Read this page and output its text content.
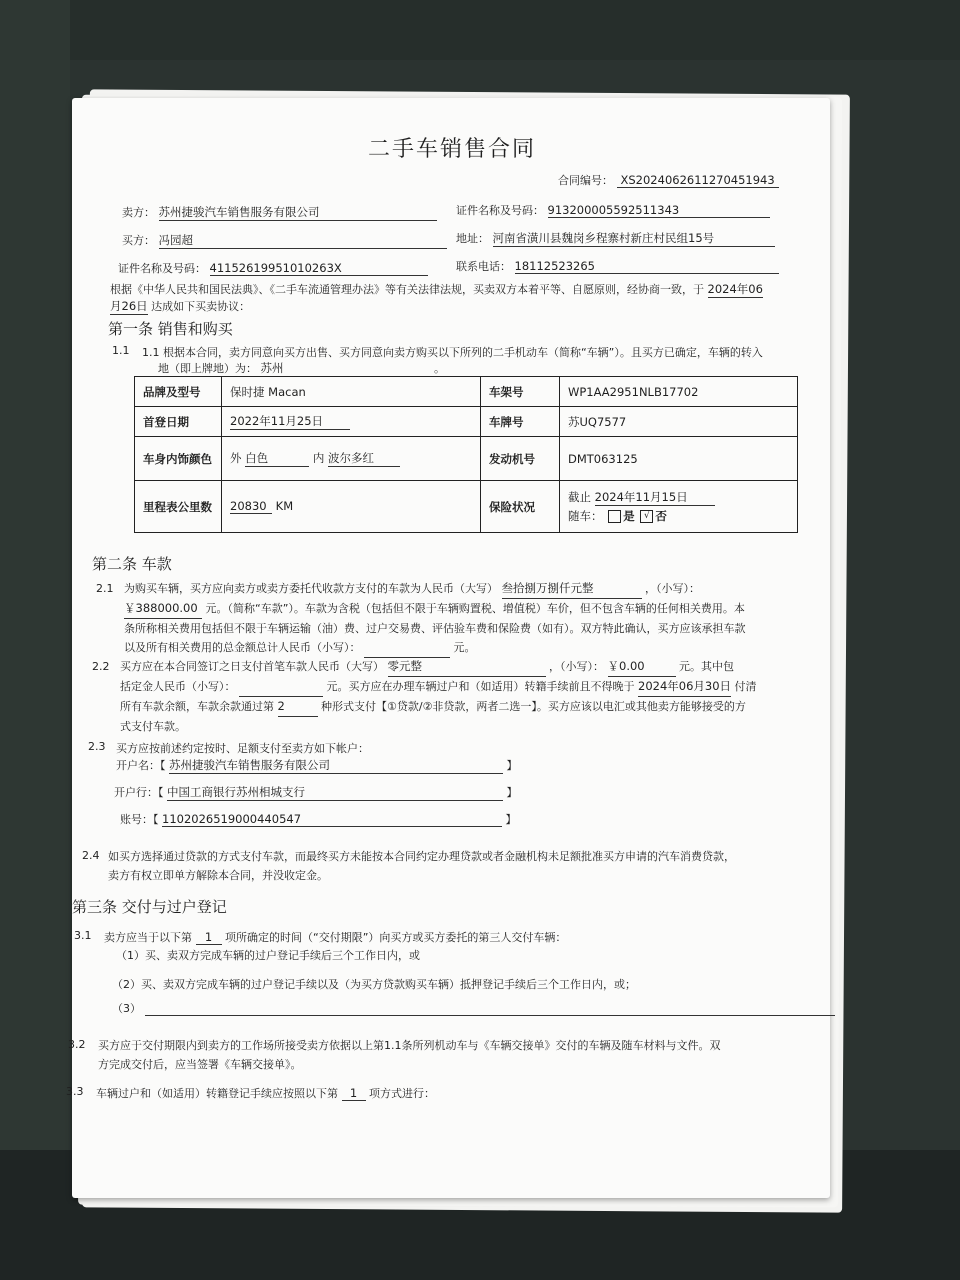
二手车销售合同
合同编号： XS2024062611270451943
卖方： 苏州捷骏汽车销售服务有限公司	证件名称及号码： 913200005592511343
买方： 冯园超	地址： 河南省潢川县魏岗乡程寨村新庄村民组15号
证件名称及号码： 41152619951010263X	联系电话： 18112523265
根据《中华人民共和国民法典》、《二手车流通管理办法》等有关法律法规，买卖双方本着平等、自愿原则，经协商一致，于 2024年06
月26日 达成如下买卖协议：
第一条 销售和购买
1.1 1.1 根据本合同，卖方同意向买方出售、买方同意向卖方购买以下所列的二手机动车（简称“车辆”）。且买方已确定，车辆的转入
地（即上牌地）为： 苏州	。
品牌及型号	保时捷 Macan	车架号	WP1AA2951NLB17702
首登日期	2022年11月25日	车牌号	苏UQ7577
车身内饰颜色	外 白色 内 波尔多红	发动机号	DMT063125
里程表公里数	20830 KM	保险状况	截止 2024年11月15日
随车： 是 √ 否
第二条 车款
2.1 为购买车辆，买方应向卖方或卖方委托代收款方支付的车款为人民币（大写） 叁拾捌万捌仟元整	，（小写）：
￥388000.00 元。（简称“车款”）。车款为含税（包括但不限于车辆购置税、增值税）车价，但不包含车辆的任何相关费用。本
条所称相关费用包括但不限于车辆运输（油）费、过户交易费、评估验车费和保险费（如有）。双方特此确认，买方应该承担车款
以及所有相关费用的总金额总计人民币（小写）：	元。
2.2 买方应在本合同签订之日支付首笔车款人民币（大写） 零元整	，（小写）： ￥0.00	元。其中包
括定金人民币（小写）：	元。买方应在办理车辆过户和（如适用）转籍手续前且不得晚于 2024年06月30日 付清
所有车款余额，车款余款通过第 2	种形式支付【①贷款/②非贷款，两者二选一】。买方应该以电汇或其他卖方能够接受的方
式支付车款。
2.3 买方应按前述约定按时、足额支付至卖方如下帐户：
开户名：【 苏州捷骏汽车销售服务有限公司	】
开户行：【 中国工商银行苏州相城支行	】
账号：【 1102026519000440547	】
2.4 如买方选择通过贷款的方式支付车款，而最终买方未能按本合同约定办理贷款或者金融机构未足额批准买方申请的汽车消费贷款，
卖方有权立即单方解除本合同，并没收定金。
第三条 交付与过户登记
3.1 卖方应当于以下第 1 项所确定的时间（“交付期限”）向买方或买方委托的第三人交付车辆：
（1）买、卖双方完成车辆的过户登记手续后三个工作日内，或
（2）买、卖双方完成车辆的过户登记手续以及（为买方贷款购买车辆）抵押登记手续后三个工作日内，或；
（3）
3.2 买方应于交付期限内到卖方的工作场所接受卖方依据以上第1.1条所列机动车与《车辆交接单》交付的车辆及随车材料与文件。双
方完成交付后，应当签署《车辆交接单》。
3.3 车辆过户和（如适用）转籍登记手续应按照以下第 1 项方式进行：
